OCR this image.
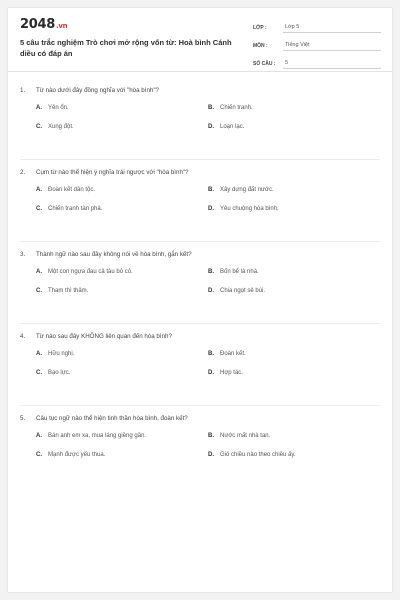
2048.vn
5 câu trắc nghiệm Trò chơi mở rộng vốn từ: Hoà bình Cánh diều có đáp án
LỚP :	Lớp 5
MÔN :	Tiếng Việt
SỐ CÂU :	5
1.	Từ nào dưới đây đồng nghĩa với "hòa bình"?
A.	Yên ổn.	B.	Chiến tranh.
C.	Xung đột.	D.	Loạn lạc.
2.	Cụm từ nào thể hiện ý nghĩa trái ngược với "hòa bình"?
A.	Đoàn kết dân tộc.	B.	Xây dựng đất nước.
C.	Chiến tranh tàn phá.	D.	Yêu chuộng hòa bình.
3.	Thành ngữ nào sau đây không nói về hòa bình, gắn kết?
A.	Một con ngựa đau cả tàu bỏ cỏ.	B.	Bốn bể là nhà.
C.	Tham thì thâm.	D.	Chia ngọt sẻ bùi.
4.	Từ nào sau đây KHÔNG liên quan đến hòa bình?
A.	Hữu nghị.	B.	Đoàn kết.
C.	Bạo lực.	D.	Hợp tác.
5.	Câu tục ngữ nào thể hiện tinh thần hòa bình, đoàn kết?
A.	Bán anh em xa, mua láng giềng gần.	B.	Nước mất nhà tan.
C.	Mạnh được yếu thua.	D.	Gió chiều nào theo chiều ấy.
